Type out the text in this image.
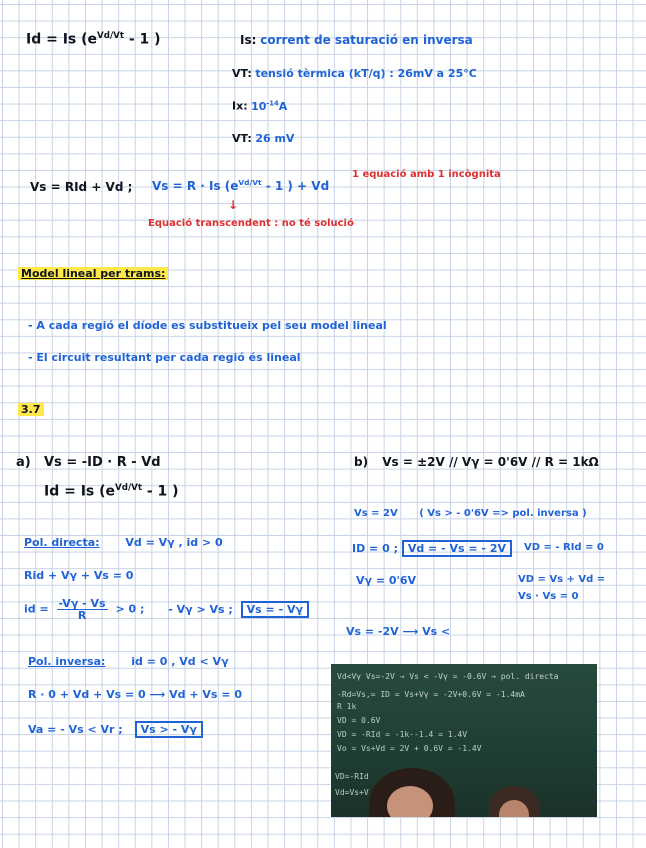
Id = Is ($e^{Vd/Vt} - 1$ )	Is: corrent de saturació en inversa
VT: tensió tèrmica (kT/q) : 26mV a 25°C
Ix: $10^{-14}A$
VT: 26 mV
Vs = RId + Vd ; Vs = R · Is ($e^{Vd/Vt} - 1$ ) + Vd
1 equació amb 1 incògnita
↓
Equació transcendent : no té solució
Model lineal per trams:
- A cada regió el díode es substitueix pel seu model lineal
- El circuit resultant per cada regió és lineal
3.7
a) Vs = -ID · R - Vd
Id = Is ($e^{Vd/Vt} - 1$ )
Pol. directa: Vd = Vγ , id > 0
Rid + Vγ + Vs = 0
id = $\frac{-V\gamma - Vs}{R} > 0$ ; - Vγ > Vs ; Vs = - Vγ
Pol. inversa: id = 0 , Vd < Vγ
R · 0 + Vd + Vs = 0 ⟶ Vd + Vs = 0
Va = - Vs < Vr ; Vs > - Vγ
b) Vs = ±2V // Vγ = 0'6V // R = 1kΩ
Vs = 2V ( Vs > - 0'6V => pol. inversa )
ID = 0 ; Vd = - Vs = - 2V	VD = - RId = 0
Vγ = 0'6V	VD = Vs + Vd =
Vs · Vs = 0
Vs = -2V ⟶ Vs <
Vd<Vγ Vs=-2V → Vs < -Vγ = -0.6V → pol. directa
-Rd=Vs,= ID = Vs+Vγ = -2V+0.6V = -1.4mA
R 1k
VD = 0.6V
VD = -RId = -1k·-1.4 = 1.4V
Vo = Vs+Vd = 2V + 0.6V = -1.4V
VD=-RId
Vd=Vs+V
